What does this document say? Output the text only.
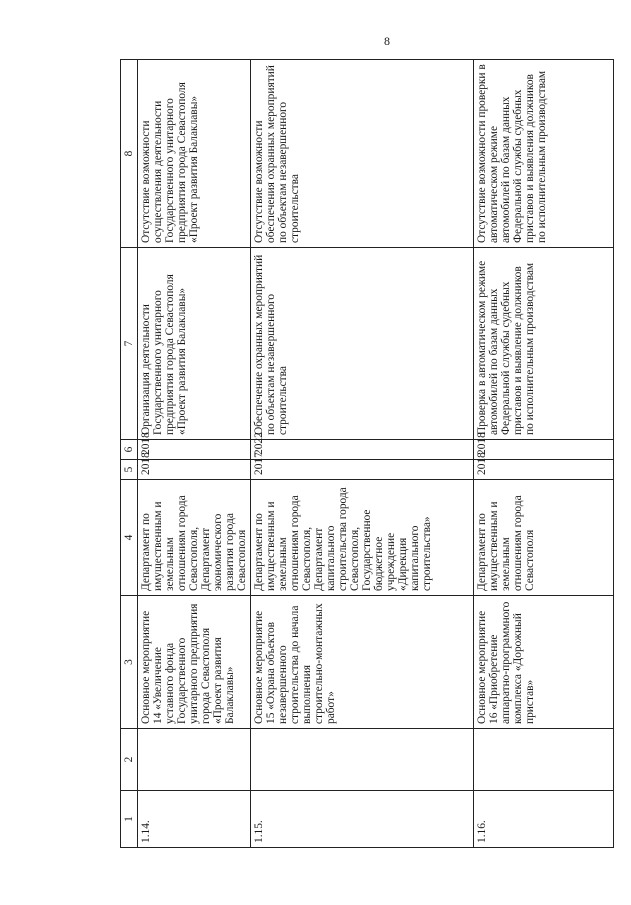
8
1	2	3	4	5	6	7	8
1.14.		Основное мероприятие 14 «Увеличение уставного фонда Государственного унитарного предприятия города Севастополя «Проект развития Балаклавы»	Департамент по имущественным и земельным отношениям города Севастополя, Департамент экономического развития города Севастополя	2018	2018	Организация деятельности Государственного унитарного предприятия города Севастополя «Проект развития Балаклавы»	Отсутствие возможности осуществления деятельности Государственного унитарного предприятия города Севастополя «Проект развития Балаклавы»
1.15.		Основное мероприятие 15 «Охрана объектов незавершенного строительства до начала выполнения строительно-монтажных работ»	Департамент по имущественным и земельным отношениям города Севастополя, Департамент капитального строительства города Севастополя, Государственное бюджетное учреждение «Дирекция капитального строительства»	2017	2022	Обеспечение охранных мероприятий по объектам незавершенного строительства	Отсутствие возможности обеспечения охранных мероприятий по объектам незавершенного строительства
1.16.		Основное мероприятие 16 «Приобретение аппаратно-программного комплекса «Дорожный пристав»	Департамент по имущественным и земельным отношениям города Севастополя	2018	2018	Проверка в автоматическом режиме автомобилей по базам данных Федеральной службы судебных приставов и выявление должников по исполнительным производствам	Отсутствие возможности проверки в автоматическом режиме автомобилей по базам данных Федеральной службы судебных приставов и выявления должников по исполнительным производствам
